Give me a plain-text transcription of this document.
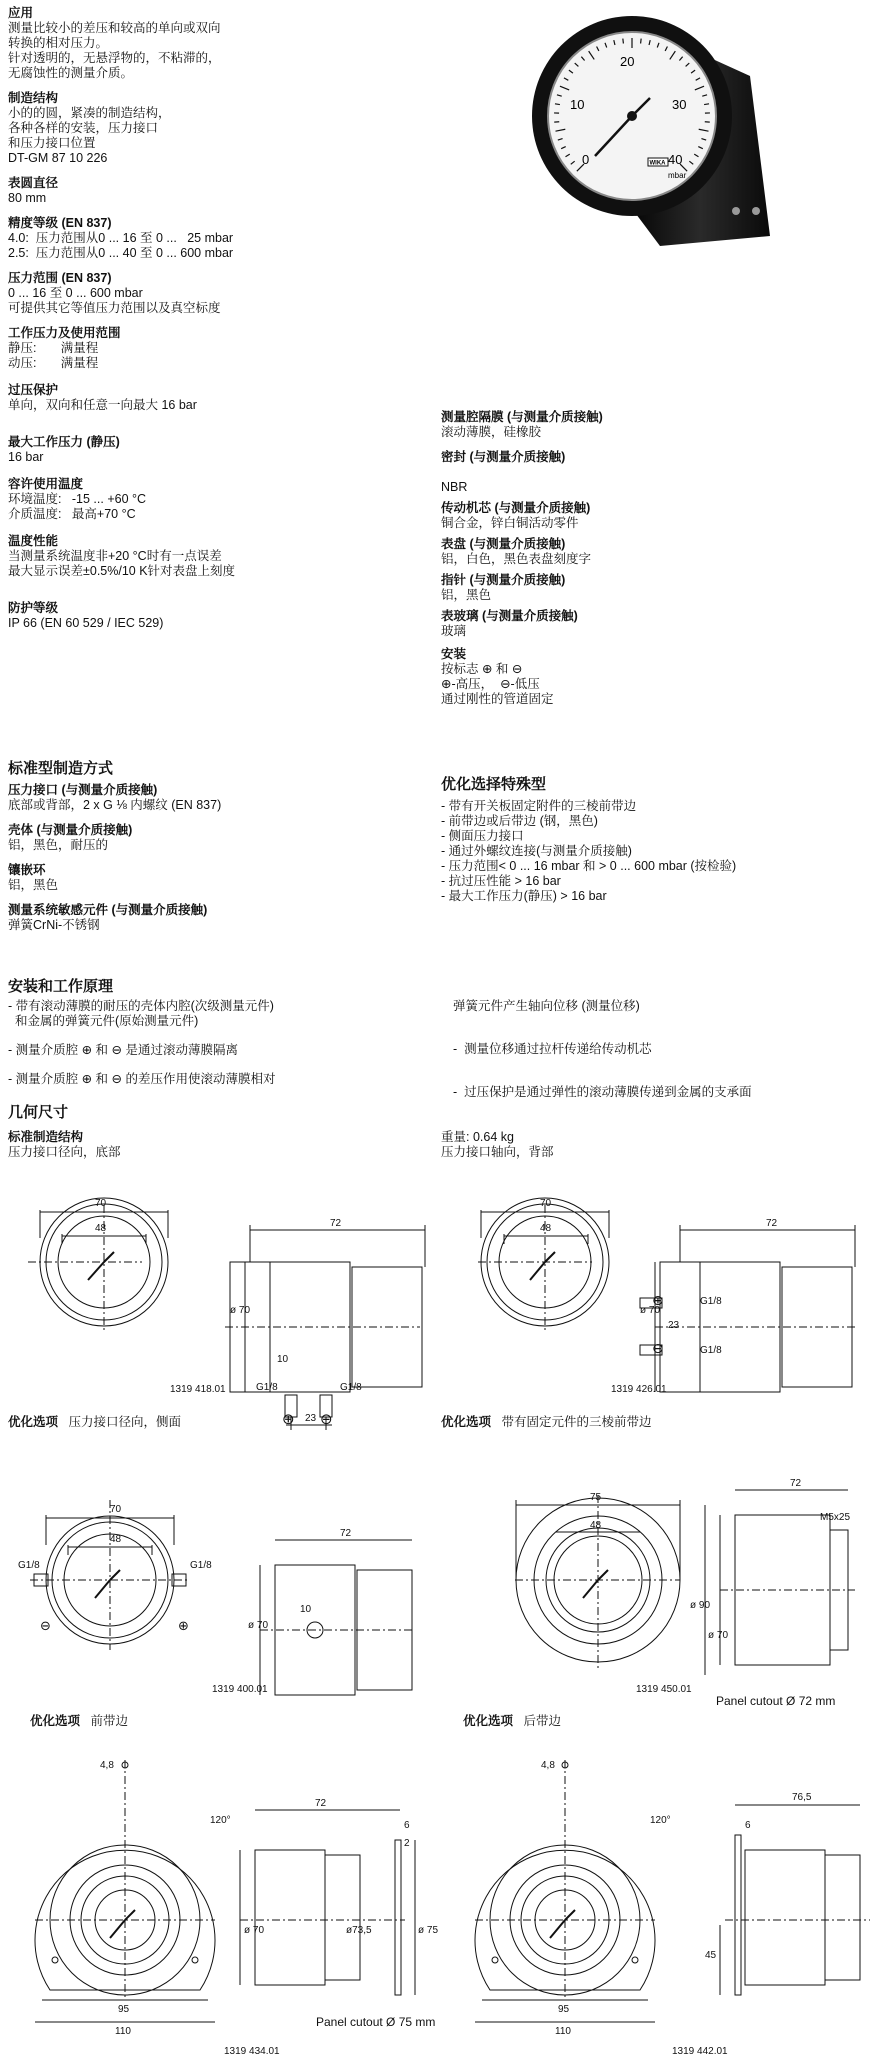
应用
测量比较小的差压和较高的单向或双向
转换的相对压力。
针对透明的，无悬浮物的，不粘滞的，
无腐蚀性的测量介质。
制造结构
小的的圆，紧凑的制造结构，
各种各样的安装，压力接口
和压力接口位置
DT-GM 87 10 226
表圆直径
80 mm
精度等级 (EN 837)
4.0:  压力范围从0 ... 16 至 0 ...   25 mbar
2.5:  压力范围从0 ... 40 至 0 ... 600 mbar
压力范围 (EN 837)
0 ... 16 至 0 ... 600 mbar
可提供其它等值压力范围以及真空标度
工作压力及使用范围
静压:       满量程
动压:       满量程
过压保护
单向，双向和任意一向最大 16 bar
最大工作压力 (静压)
16 bar
容许使用温度
环境温度:   -15 ... +60 °C
介质温度:   最高+70 °C
温度性能
当测量系统温度非+20 °C时有一点误差
最大显示误差±0.5%/10 K针对表盘上刻度
防护等级
IP 66 (EN 60 529 / IEC 529)
标准型制造方式
压力接口 (与测量介质接触)
底部或背部，2 x G ⅛ 内螺纹 (EN 837)
壳体 (与测量介质接触)
铝，黑色，耐压的
镶嵌环
铝，黑色
测量系统敏感元件 (与测量介质接触)
弹簧CrNi-不锈钢
测量腔隔膜 (与测量介质接触)
滚动薄膜，硅橡胶
密封 (与测量介质接触)
NBR
传动机芯 (与测量介质接触)
铜合金，锌白铜活动零件
表盘 (与测量介质接触)
铝，白色，黑色表盘刻度字
指针 (与测量介质接触)
铝，黑色
表玻璃 (与测量介质接触)
玻璃
安装
按标志 ⊕ 和 ⊖
⊕-高压，  ⊖-低压
通过刚性的管道固定
优化选择特殊型
- 带有开关板固定附件的三棱前带边
- 前带边或后带边 (钢，黑色)
- 侧面压力接口
- 通过外螺纹连接(与测量介质接触)
- 压力范围< 0 ... 16 mbar 和 > 0 ... 600 mbar (按检验)
- 抗过压性能 > 16 bar
- 最大工作压力(静压) > 16 bar
安装和工作原理
- 带有滚动薄膜的耐压的壳体内腔(次级测量元件)
和金属的弹簧元件(原始测量元件)
- 测量介质腔 ⊕ 和 ⊖ 是通过滚动薄膜隔离
- 测量介质腔 ⊕ 和 ⊖ 的差压作用使滚动薄膜相对
弹簧元件产生轴向位移 (测量位移)
-  测量位移通过拉杆传递给传动机芯
-  过压保护是通过弹性的滚动薄膜传递到金属的支承面
几何尺寸
标准制造结构
压力接口径向，底部
重量: 0.64 kg
压力接口轴向，背部
优化选项 压力接口径向，侧面	优化选项 带有固定元件的三棱前带边
优化选项 前带边	优化选项 后带边
1319 418.01	1319 426.01
1319 400.01	1319 450.01
1319 434.01	1319 442.01
Panel cutout Ø 72 mm
Panel cutout Ø 75 mm
⊕ ⊖
0
10
20
30
40
mbar
WIKA
70
48	72
ø 70
10
G1/8	G1/8
23
70
48	72
ø 70
23
G1/8
G1/8
⊕
⊖
70
48
72
ø 70
10
G1/8	G1/8
⊖	⊕
75
48
72
M5x25
ø 90
ø 70
4,8
120°
72
6
2
ø 70	ø73,5	ø 75
95
110
4,8
120°
76,5
6
45
95
110
